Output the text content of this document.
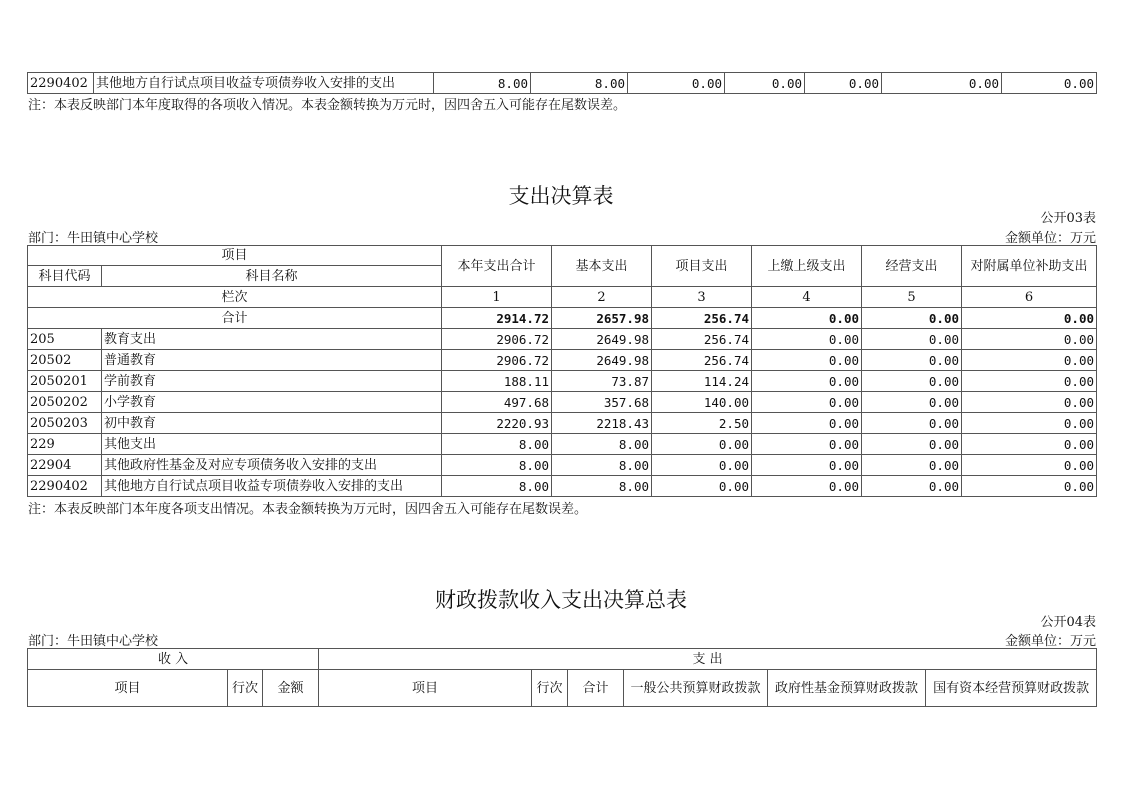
2290402	其他地方自行试点项目收益专项债券收入安排的支出	8.00	8.00	0.00	0.00	0.00	0.00	0.00
注：本表反映部门本年度取得的各项收入情况。本表金额转换为万元时，因四舍五入可能存在尾数误差。
支出决算表
公开03表
部门：牛田镇中心学校	金额单位：万元
项目		本年支出合计	基本支出	项目支出	上缴上级支出	经营支出	对附属单位补助支出
科目代码	科目名称						
栏次		1	2	3	4	5	6
合计		2914.72	2657.98	256.74	0.00	0.00	0.00
205	教育支出	2906.72	2649.98	256.74	0.00	0.00	0.00
20502	普通教育	2906.72	2649.98	256.74	0.00	0.00	0.00
2050201	学前教育	188.11	73.87	114.24	0.00	0.00	0.00
2050202	小学教育	497.68	357.68	140.00	0.00	0.00	0.00
2050203	初中教育	2220.93	2218.43	2.50	0.00	0.00	0.00
229	其他支出	8.00	8.00	0.00	0.00	0.00	0.00
22904	其他政府性基金及对应专项债务收入安排的支出	8.00	8.00	0.00	0.00	0.00	0.00
2290402	其他地方自行试点项目收益专项债券收入安排的支出	8.00	8.00	0.00	0.00	0.00	0.00
注：本表反映部门本年度各项支出情况。本表金额转换为万元时，因四舍五入可能存在尾数误差。
财政拨款收入支出决算总表
公开04表
部门：牛田镇中心学校	金额单位：万元
收 入			支 出					
项目	行次	金额	项目	行次	合计	一般公共预算财政拨款	政府性基金预算财政拨款	国有资本经营预算财政拨款
